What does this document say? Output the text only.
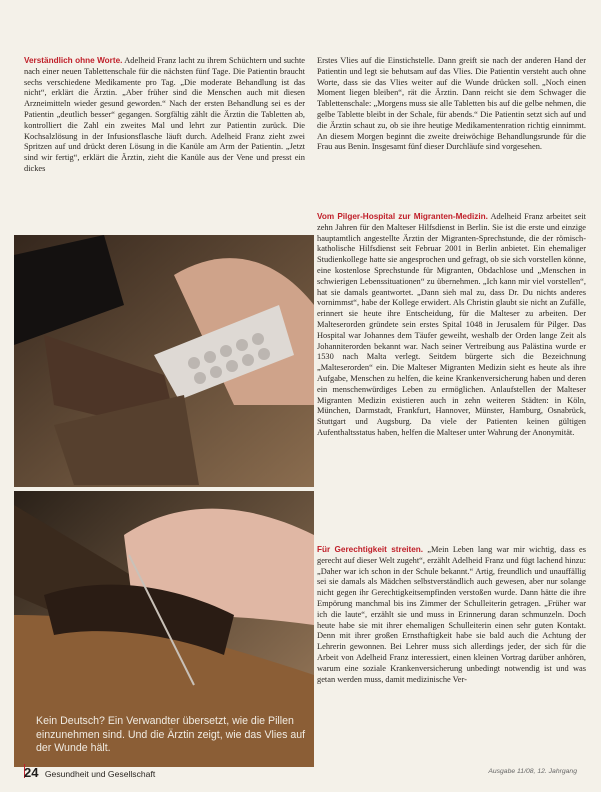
Verständlich ohne Worte. Adelheid Franz lacht zu ihrem Schüchtern und suchte nach einer neuen Tablettenschale für die nächsten fünf Tage. Die Patientin braucht sechs verschiedene Medikamente pro Tag. „Die moderate Behandlung ist das nicht“, erklärt die Ärztin. „Aber früher sind die Menschen auch mit diesen Arzneimitteln wieder gesund geworden.“ Nach der ersten Behandlung sei es der Patientin „deutlich besser“ gegangen. Sorgfältig zählt die Ärztin die Tabletten ab, kontrolliert die Zahl ein zweites Mal und lehrt zur Patientin zurück. Die Kochsalzlösung in der Infusionsflasche läuft durch. Adelheid Franz zieht zwei Spritzen auf und drückt deren Lösung in die Kanüle am Arm der Patientin. „Jetzt sind wir fertig“, erklärt die Ärztin, zieht die Kanüle aus der Vene und presst ein dickes
Erstes Vlies auf die Einstichstelle. Dann greift sie nach der anderen Hand der Patientin und legt sie behutsam auf das Vlies. Die Patientin versteht auch ohne Worte, dass sie das Vlies weiter auf die Wunde drücken soll. „Noch einen Moment liegen bleiben“, rät die Ärztin. Dann reicht sie dem Schwager die Tablettenschale: „Morgens muss sie alle Tabletten bis auf die gelbe nehmen, die gelbe Tablette bleibt in der Schale, für abends.“ Die Patientin setzt sich auf und die Ärztin schaut zu, ob sie ihre heutige Medikamentenration richtig einnimmt. An diesem Morgen beginnt die zweite dreiwöchige Behandlungsrunde für die Frau aus Benin. Insgesamt fünf dieser Durchläufe sind vorgesehen.
Vom Pilger-Hospital zur Migranten-Medizin. Adelheid Franz arbeitet seit zehn Jahren für den Malteser Hilfsdienst in Berlin. Sie ist die erste und einzige hauptamtlich angestellte Ärztin der Migranten-Sprechstunde, die der römisch-katholische Hilfsdienst seit Februar 2001 in Berlin anbietet. Ein ehemaliger Studienkollege hatte sie angesprochen und gefragt, ob sie sich vorstellen könne, eine kostenlose Sprechstunde für Migranten, Obdachlose und „Menschen in schwierigen Lebenssituationen“ zu übernehmen. „Ich kann mir viel vorstellen“, hat sie damals geantwortet. „Dann sieh mal zu, dass Dr. Du nichts anderes vornimmst“, habe der Kollege erwidert. Als Christin glaubt sie nicht an Zufälle, erinnert sie heute ihre Entscheidung, für die Malteser zu arbeiten. Der Malteserorden gründete sein erstes Spital 1048 in Jerusalem für Pilger. Das Hospital war Johannes dem Täufer geweiht, weshalb der Orden lange Zeit als Johanniterorden bekannt war. Nach seiner Vertreibung aus Palästina wurde er 1530 nach Malta verlegt. Seitdem bürgerte sich die Bezeichnung „Malteserorden“ ein. Die Malteser Migranten Medizin sieht es heute als ihre Aufgabe, Menschen zu helfen, die keine Krankenversicherung haben und deren ein menschenwürdiges Leben zu ermöglichen. Anlaufstellen der Malteser Migranten Medizin existieren auch in zehn weiteren Städten: in Köln, München, Darmstadt, Frankfurt, Hannover, Münster, Hamburg, Osnabrück, Stuttgart und Augsburg. Da viele der Patienten keinen gültigen Aufenthaltsstatus haben, helfen die Malteser unter Wahrung der Anonymität.
Für Gerechtigkeit streiten. „Mein Leben lang war mir wichtig, dass es gerecht auf dieser Welt zugeht“, erzählt Adelheid Franz und fügt lachend hinzu: „Daher war ich schon in der Schule bekannt.“ Artig, freundlich und unauffällig sei sie damals als Mädchen selbstverständlich auch gewesen, aber nur solange nicht gegen ihr Gerechtigkeitsempfinden verstoßen wurde. Dann hätte die ihre Empörung manchmal bis ins Zimmer der Schulleiterin getragen. „Früher war ich die laute“, erzählt sie und muss in Erinnerung daran schmunzeln. Doch heute habe sie mit ihrer ehemaligen Schulleiterin einen sehr guten Kontakt. Denn mit ihrer großen Ernsthaftigkeit habe sie bald auch die Achtung der Lehrerin gewonnen. Bei Lehrer muss sich allerdings jeder, der sich für die Arbeit von Adelheid Franz interessiert, einen kleinen Vortrag darüber anhören, warum eine soziale Krankenversicherung unbedingt notwendig ist und was getan werden muss, damit medizinische Ver-
Kein Deutsch? Ein Verwandter übersetzt, wie die Pillen einzunehmen sind. Und die Ärztin zeigt, wie das Vlies auf der Wunde hält.
24 Gesundheit und Gesellschaft	Ausgabe 11/08, 12. Jahrgang
